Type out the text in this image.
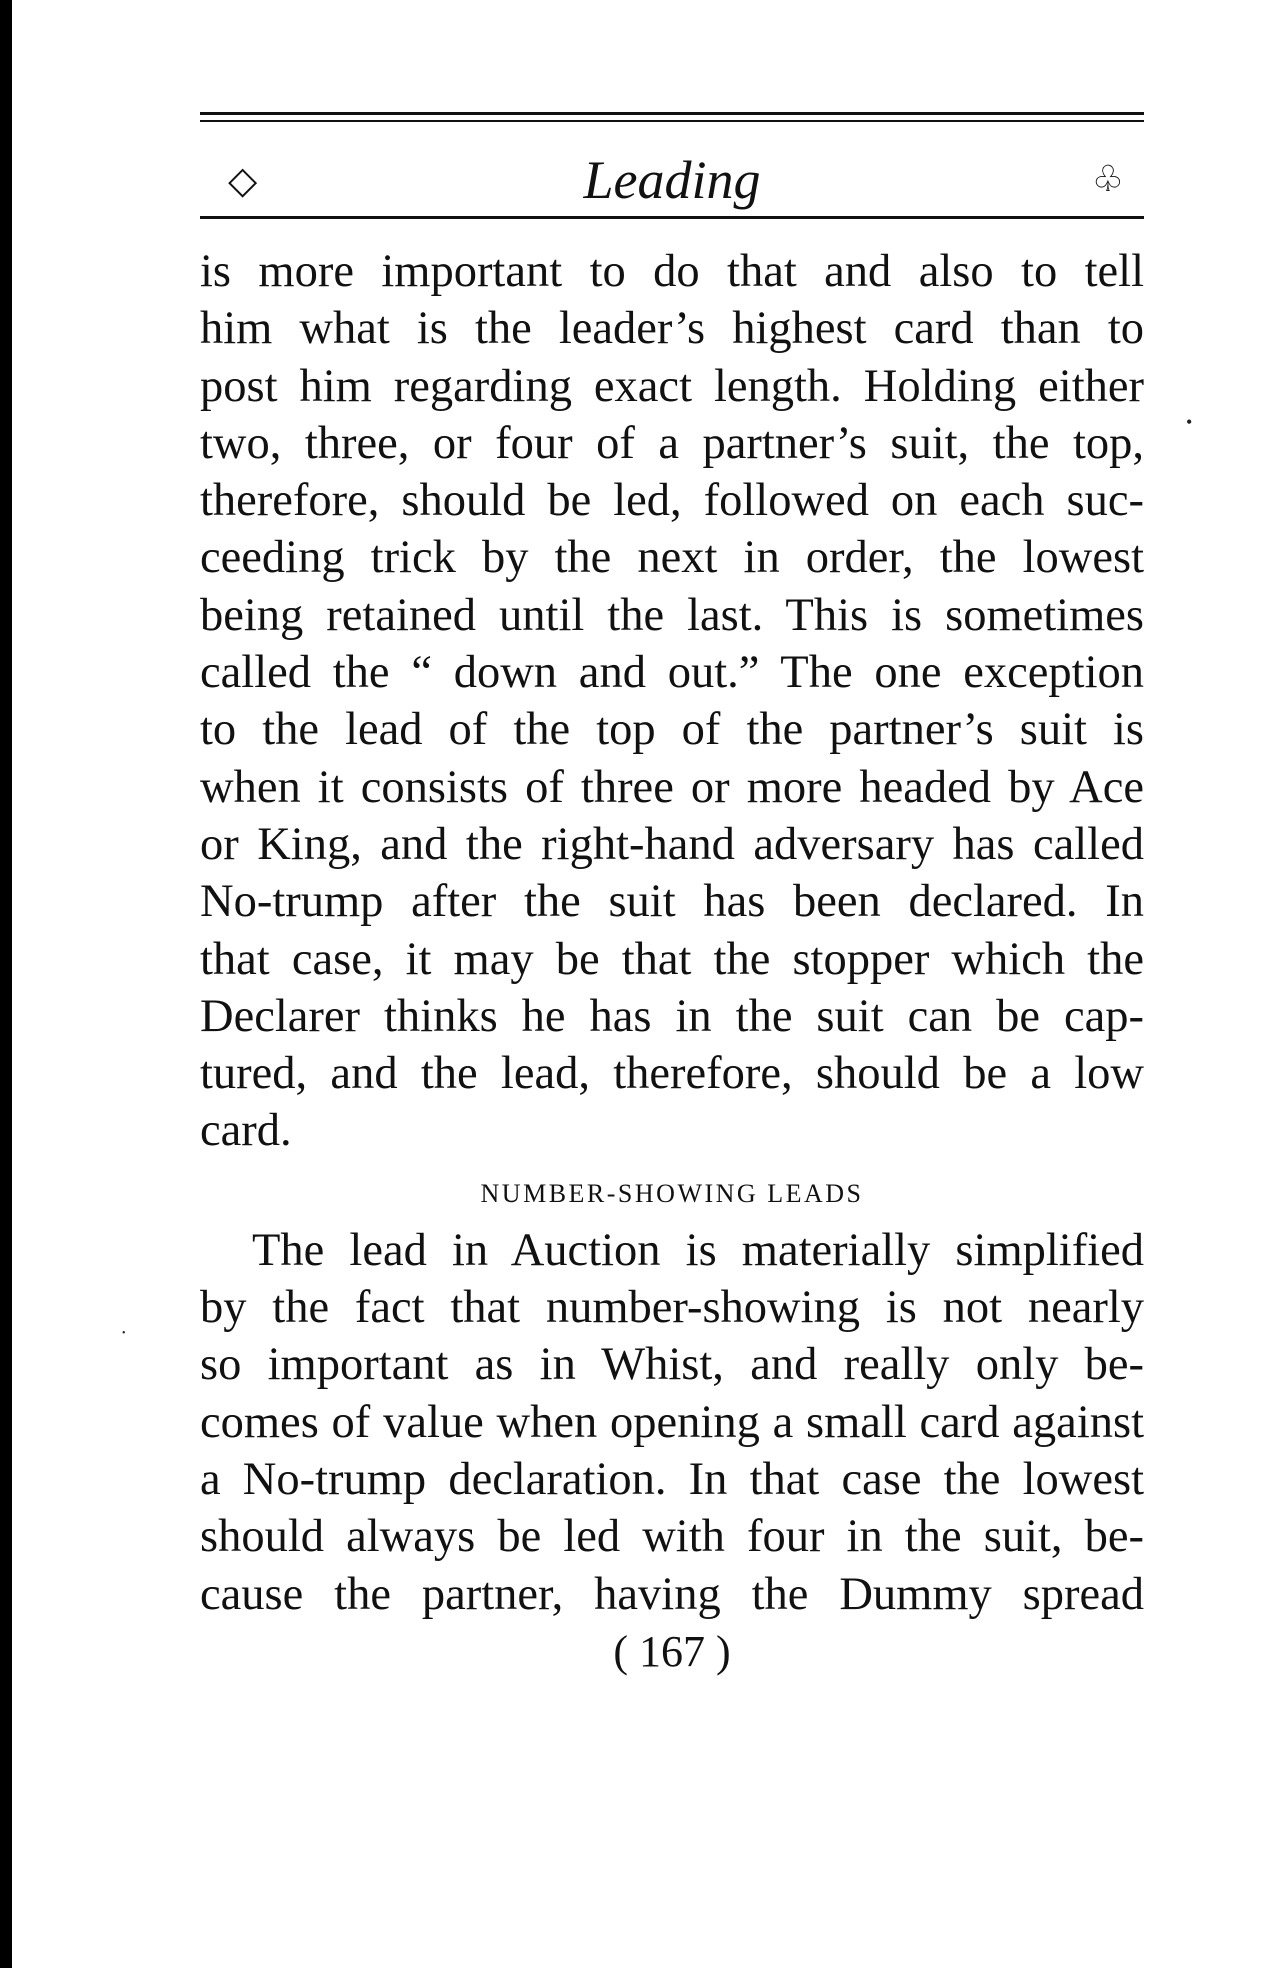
◇	Leading	♧
is more important to do that and also to tell
him what is the leader’s highest card than to
post him regarding exact length. Holding either
two, three, or four of a partner’s suit, the top,
therefore, should be led, followed on each suc-
ceeding trick by the next in order, the lowest
being retained until the last. This is sometimes
called the “ down and out.” The one exception
to the lead of the top of the partner’s suit is
when it consists of three or more headed by Ace
or King, and the right-hand adversary has called
No-trump after the suit has been declared. In
that case, it may be that the stopper which the
Declarer thinks he has in the suit can be cap-
tured, and the lead, therefore, should be a low
card.
NUMBER-SHOWING LEADS
The lead in Auction is materially simplified
by the fact that number-showing is not nearly
so important as in Whist, and really only be-
comes of value when opening a small card against
a No-trump declaration. In that case the lowest
should always be led with four in the suit, be-
cause the partner, having the Dummy spread
( 167 )
•
•
